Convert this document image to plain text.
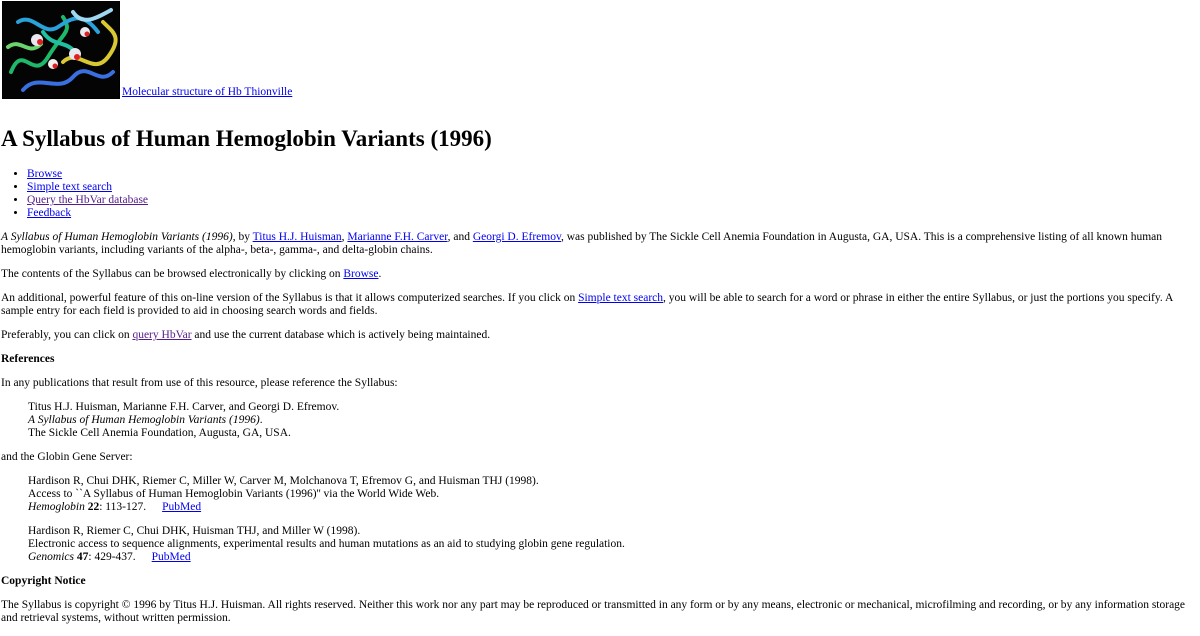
Molecular structure of Hb Thionville
A Syllabus of Human Hemoglobin Variants (1996)
• Browse
• Simple text search
• Query the HbVar database
• Feedback

A Syllabus of Human Hemoglobin Variants (1996), by Titus H.J. Huisman, Marianne F.H. Carver, and Georgi D. Efremov, was published by The Sickle Cell Anemia Foundation in Augusta, GA, USA. This is a comprehensive listing of all known human hemoglobin variants, including variants of the alpha-, beta-, gamma-, and delta-globin chains.

The contents of the Syllabus can be browsed electronically by clicking on Browse.

An additional, powerful feature of this on-line version of the Syllabus is that it allows computerized searches. If you click on Simple text search, you will be able to search for a word or phrase in either the entire Syllabus, or just the portions you specify. A sample entry for each field is provided to aid in choosing search words and fields.

Preferably, you can click on query HbVar and use the current database which is actively being maintained.

References

In any publications that result from use of this resource, please reference the Syllabus:

Titus H.J. Huisman, Marianne F.H. Carver, and Georgi D. Efremov.
A Syllabus of Human Hemoglobin Variants (1996).
The Sickle Cell Anemia Foundation, Augusta, GA, USA.

and the Globin Gene Server:

Hardison R, Chui DHK, Riemer C, Miller W, Carver M, Molchanova T, Efremov G, and Huisman THJ (1998).
Access to ``A Syllabus of Human Hemoglobin Variants (1996)'' via the World Wide Web.
Hemoglobin 22: 113-127. PubMed

Hardison R, Riemer C, Chui DHK, Huisman THJ, and Miller W (1998).
Electronic access to sequence alignments, experimental results and human mutations as an aid to studying globin gene regulation.
Genomics 47: 429-437. PubMed

Copyright Notice

The Syllabus is copyright © 1996 by Titus H.J. Huisman. All rights reserved. Neither this work nor any part may be reproduced or transmitted in any form or by any means, electronic or mechanical, microfilming and recording, or by any information storage and retrieval systems, without written permission.
